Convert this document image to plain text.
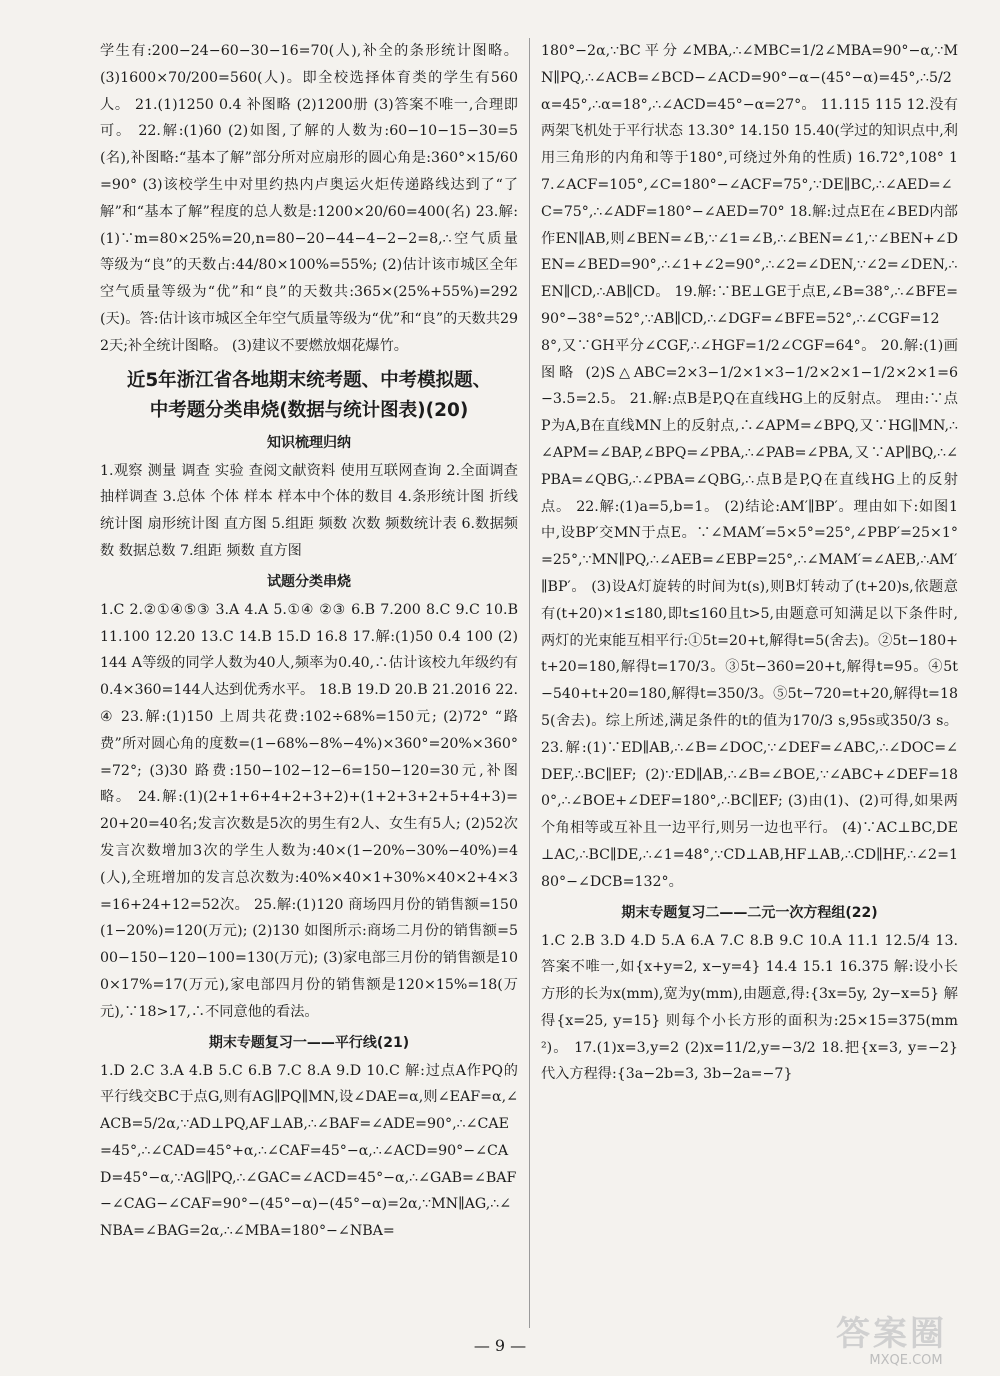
学生有:200−24−60−30−16=70(人),补全的条形统计图略。 (3)1600×70/200=560(人)。即全校选择体育类的学生有560人。 21.(1)1250 0.4 补图略 (2)1200册 (3)答案不唯一,合理即可。 22.解:(1)60 (2)如图,了解的人数为:60−10−15−30=5(名),补图略:“基本了解”部分所对应扇形的圆心角是:360°×15/60=90° (3)该校学生中对里约热内卢奥运火炬传递路线达到了“了解”和“基本了解”程度的总人数是:1200×20/60=400(名) 23.解:(1)∵m=80×25%=20,n=80−20−44−4−2−2=8,∴空气质量等级为“良”的天数占:44/80×100%=55%; (2)估计该市城区全年空气质量等级为“优”和“良”的天数共:365×(25%+55%)=292(天)。答:估计该市城区全年空气质量等级为“优”和“良”的天数共292天;补全统计图略。 (3)建议不要燃放烟花爆竹。

近5年浙江省各地期末统考题、中考模拟题、
中考题分类串烧(数据与统计图表)(20)
知识梳理归纳

1.观察 测量 调查 实验 查阅文献资料 使用互联网查询 2.全面调查 抽样调查 3.总体 个体 样本 样本中个体的数目 4.条形统计图 折线统计图 扇形统计图 直方图 5.组距 频数 次数 频数统计表 6.数据频数 数据总数 7.组距 频数 直方图

试题分类串烧

1.C 2.②①④⑤③ 3.A 4.A 5.①④ ②③ 6.B 7.200 8.C 9.C 10.B 11.100 12.20 13.C 14.B 15.D 16.8 17.解:(1)50 0.4 100 (2)144 A等级的同学人数为40人,频率为0.40,∴估计该校九年级约有0.4×360=144人达到优秀水平。 18.B 19.D 20.B 21.2016 22.④ 23.解:(1)150 上周共花费:102÷68%=150元; (2)72° “路费”所对圆心角的度数=(1−68%−8%−4%)×360°=20%×360°=72°; (3)30 路费:150−102−12−6=150−120=30元,补图略。 24.解:(1)(2+1+6+4+2+3+2)+(1+2+3+2+5+4+3)=20+20=40名;发言次数是5次的男生有2人、女生有5人; (2)52次 发言次数增加3次的学生人数为:40×(1−20%−30%−40%)=4(人),全班增加的发言总次数为:40%×40×1+30%×40×2+4×3=16+24+12=52次。 25.解:(1)120 商场四月份的销售额=150(1−20%)=120(万元); (2)130 如图所示:商场二月份的销售额=500−150−120−100=130(万元); (3)家电部三月份的销售额是100×17%=17(万元),家电部四月份的销售额是120×15%=18(万元),∵18>17,∴不同意他的看法。

期末专题复习一——平行线(21)

1.D 2.C 3.A 4.B 5.C 6.B 7.C 8.A 9.D 10.C 解:过点A作PQ的平行线交BC于点G,则有AG∥PQ∥MN,设∠DAE=α,则∠EAF=α,∠ACB=5/2α,∵AD⊥PQ,AF⊥AB,∴∠BAF=∠ADE=90°,∴∠CAE=45°,∴∠CAD=45°+α,∴∠CAF=45°−α,∴∠ACD=90°−∠CAD=45°−α,∵AG∥PQ,∴∠GAC=∠ACD=45°−α,∴∠GAB=∠BAF−∠CAG−∠CAF=90°−(45°−α)−(45°−α)=2α,∵MN∥AG,∴∠NBA=∠BAG=2α,∴∠MBA=180°−∠NBA=

180°−2α,∵BC平分∠MBA,∴∠MBC=1/2∠MBA=90°−α,∵MN∥PQ,∴∠ACB=∠BCD−∠ACD=90°−α−(45°−α)=45°,∴5/2α=45°,∴α=18°,∴∠ACD=45°−α=27°。 11.115 115 12.没有 两架飞机处于平行状态 13.30° 14.150 15.40(学过的知识点中,利用三角形的内角和等于180°,可绕过外角的性质) 16.72°,108° 17.∠ACF=105°,∠C=180°−∠ACF=75°,∵DE∥BC,∴∠AED=∠C=75°,∴∠ADF=180°−∠AED=70° 18.解:过点E在∠BED内部作EN∥AB,则∠BEN=∠B,∵∠1=∠B,∴∠BEN=∠1,∵∠BEN+∠DEN=∠BED=90°,∴∠1+∠2=90°,∴∠2=∠DEN,∵∠2=∠DEN,∴EN∥CD,∴AB∥CD。 19.解:∵BE⊥GE于点E,∠B=38°,∴∠BFE=90°−38°=52°,∵AB∥CD,∴∠DGF=∠BFE=52°,∴∠CGF=128°,又∵GH平分∠CGF,∴∠HGF=1/2∠CGF=64°。 20.解:(1)画图略 (2)S△ABC=2×3−1/2×1×3−1/2×2×1−1/2×2×1=6−3.5=2.5。 21.解:点B是P,Q在直线HG上的反射点。 理由:∵点P为A,B在直线MN上的反射点,∴∠APM=∠BPQ,又∵HG∥MN,∴∠APM=∠BAP,∠BPQ=∠PBA,∴∠PAB=∠PBA,又∵AP∥BQ,∴∠PBA=∠QBG,∴∠PBA=∠QBG,∴点B是P,Q在直线HG上的反射点。 22.解:(1)a=5,b=1。 (2)结论:AM′∥BP′。理由如下:如图1中,设BP′交MN于点E。∵∠MAM′=5×5°=25°,∠PBP′=25×1°=25°,∵MN∥PQ,∴∠AEB=∠EBP=25°,∴∠MAM′=∠AEB,∴AM′∥BP′。 (3)设A灯旋转的时间为t(s),则B灯转动了(t+20)s,依题意有(t+20)×1≤180,即t≤160且t>5,由题意可知满足以下条件时,两灯的光束能互相平行:①5t=20+t,解得t=5(舍去)。②5t−180+t+20=180,解得t=170/3。③5t−360=20+t,解得t=95。④5t−540+t+20=180,解得t=350/3。⑤5t−720=t+20,解得t=185(舍去)。综上所述,满足条件的t的值为170/3 s,95s或350/3 s。 23.解:(1)∵ED∥AB,∴∠B=∠DOC,∵∠DEF=∠ABC,∴∠DOC=∠DEF,∴BC∥EF; (2)∵ED∥AB,∴∠B=∠BOE,∵∠ABC+∠DEF=180°,∴∠BOE+∠DEF=180°,∴BC∥EF; (3)由(1)、(2)可得,如果两个角相等或互补且一边平行,则另一边也平行。 (4)∵AC⊥BC,DE⊥AC,∴BC∥DE,∴∠1=48°,∵CD⊥AB,HF⊥AB,∴CD∥HF,∴∠2=180°−∠DCB=132°。

期末专题复习二——二元一次方程组(22)

1.C 2.B 3.D 4.D 5.A 6.A 7.C 8.B 9.C 10.A 11.1 12.5/4 13.答案不唯一,如{x+y=2, x−y=4} 14.4 15.1 16.375 解:设小长方形的长为x(mm),宽为y(mm),由题意,得:{3x=5y, 2y−x=5} 解得{x=25, y=15} 则每个小长方形的面积为:25×15=375(mm²)。 17.(1)x=3,y=2 (2)x=11/2,y=−3/2 18.把{x=3, y=−2}代入方程得:{3a−2b=3, 3b−2a=−7}

— 9 —	答案圈
MXQE.COM
